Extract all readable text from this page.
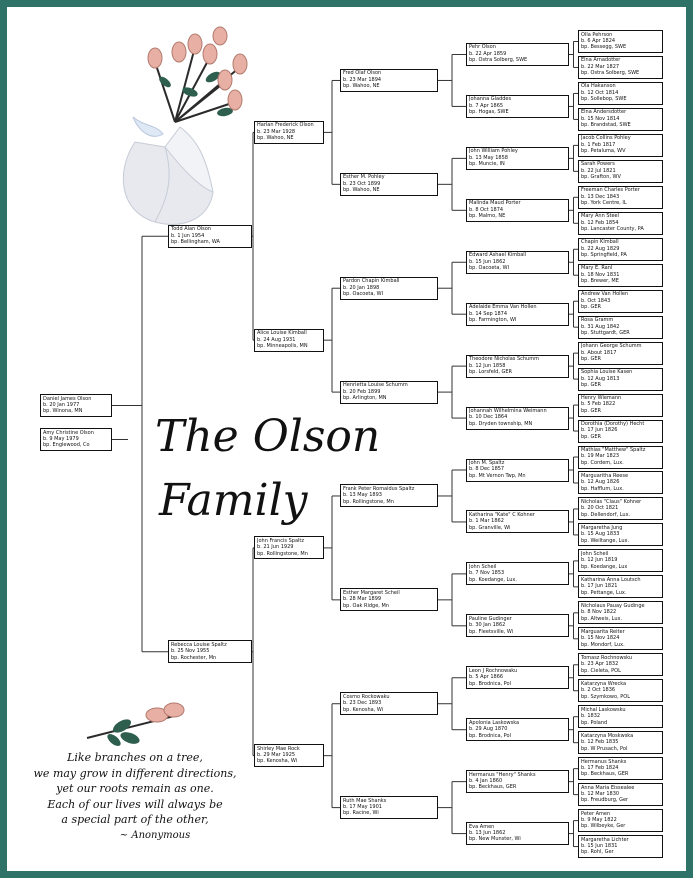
The Olson
Family
Like branches on a tree,
we may grow in different directions,
yet our roots remain as one.
Each of our lives will always be
a special part of the other,
~ Anonymous
Olla Pehrson
b. 6 Apr 1824
bp. Bessegg, SWE
Elna Arnadotter
b. 22 Mar 1827
bp. Ostra Solberg, SWE
Ola Hakanson
b. 12 Oct 1814
bp. Sollebop, SWE
Elna Andersdotter
b. 15 Nov 1814
bp. Brandstad, SWE
Jacob Collins Pohley
b. 1 Feb 1817
bp. Petaluma, WV
Sarah Powers
b. 22 Jul 1821
bp. Grafton, WV
Freeman Charles Porter
b. 13 Dec 1843
bp. York Centre, IL
Mary Ann Steel
b. 12 Feb 1854
bp. Lancaster County, PA
Chapin Kimball
b. 22 Aug 1829
bp. Springfield, PA
Mary E. Ranl
b. 18 Nov 1831
bp. Brewer, ME
Andrew Van Hollen
b. Oct 1843
bp. GER
Rosa Gramm
b. 31 Aug 1842
bp. Stuttgardt, GER
Johann George Schumm
b. About 1817
bp. GER
Sophia Louise Kasen
b. 12 Aug 1813
bp. GER
Henry Wiemann
b. 5 Feb 1822
bp. GER
Dorothia (Dorothy) Hecht
b. 17 Jun 1826
bp. GER
Mathias "Matthew" Spaltz
b. 19 Mar 1823
bp. Cordem, Lux.
Marguaritha Reese
b. 12 Aug 1826
bp. Hafflum, Lux.
Nicholas "Claus" Kohner
b. 20 Oct 1821
bp. Dellendorf, Lux.
Margaretha Jung
b. 15 Aug 1833
bp. Weiltange, Lux.
John Scheil
b. 12 Jun 1819
bp. Koedange, Lux
Katharina Anna Loutsch
b. 17 Jun 1821
bp. Pettange, Lux.
Nicholaus Pauay Gudinge
b. 8 Nov 1822
bp. Altweis, Lux.
Marguarita Reiter
b. 15 Nov 1824
bp. Mondorf, Lux.
Tomasz Rochnowsku
b. 23 Apr 1832
bp. Cieleta, POL
Katarzyna Wrecka
b. 2 Oct 1836
bp. Szymkowo, POL
Michal Laskowsku
b. 1832
bp. Poland
Katarzyna Moskwska
b. 12 Feb 1835
bp. W Prusach, Pol
Hermanus Shanks
b. 17 Feb 1824
bp. Beckhaus, GER
Anna Maria Eissealee
b. 12 Mar 1830
bp. Freudburg, Ger
Peter Amen
b. 9 May 1822
bp. Wilbeyke, Ger
Margaretha Lichter
b. 15 Jun 1831
bp. Rohl, Ger
Pehr Olson
b. 22 Apr 1859
bp. Ostra Solberg, SWE
Johanna Gladdes
b. 7 Apr 1865
bp. Hogas, SWE
John William Pohley
b. 13 May 1858
bp. Muncie, IN
Malinda Maud Porter
b. 8 Oct 1874
bp. Malmo, NE
Edward Ashael Kimball
b. 15 Jun 1862
bp. Oacoeta, WI
Adelaide Emma Van Hollen
b. 14 Sep 1874
bp. Farmington, WI
Theodore Nicholas Schumm
b. 12 Jun 1858
bp. Lorsfeld, GER
Johannah Wilhelmina Weimann
b. 10 Dec 1864
bp. Dryden township, MN
John M. Spaltz
b. 8 Dec 1857
bp. Mt Vernon Twp, Mn
Katharina "Kate" C Kohner
b. 1 Mar 1862
bp. Granville, Wi
John Scheil
b. 7 Nov 1853
bp. Koedange, Lux.
Pauline Gudinger
b. 30 Jan 1862
bp. Fleetsville, Wi
Leon J Rochnowaku
b. 5 Apr 1866
bp. Brodnica, Pol
Apolonia Laskowska
b. 29 Aug 1870
bp. Brodnica, Pol
Hermanus "Henry" Shanks
b. 4 Jan 1860
bp. Beckhaus, GER
Eva Amen
b. 13 Jun 1862
bp. New Munster, Wi
Fred Olaf Olson
b. 23 Mar 1894
bp. Wahoo, NE
Esther M. Pohley
b. 23 Oct 1899
bp. Wahoo, NE
Pardon Chapin Kimball
b. 20 Jan 1898
bp. Oacoeta, WI
Henrietta Louise Schumm
b. 20 Feb 1899
bp. Arlington, MN
Frank Peter Romaldus Spaltz
b. 13 May 1893
bp. Rollingstone, Mn
Esther Margaret Scheil
b. 28 Mar 1899
bp. Oak Ridge, Mn
Cosmo Rockowaku
b. 23 Dec 1893
bp. Kenosha, Wi
Ruth Mae Shanks
b. 17 May 1901
bp. Racine, Wi
Harlan Frederick Olson
b. 23 Mar 1928
bp. Wahoo, NE
Alice Louise Kimball
b. 24 Aug 1931
bp. Minneapolis, MN
John Francis Spaltz
b. 21 Jun 1929
bp. Rollingstone, Mn
Shirley Mae Rock
b. 29 Mar 1925
bp. Kenosha, Wi
Todd Alan Olson
b. 1 Jun 1954
bp. Bellingham, WA
Rebecca Louise Spaltz
b. 25 Nov 1955
bp. Rochester, Mn
Daniel James Olson
b. 20 Jan 1977
bp. Winona, MN
Amy Christine Olson
b. 9 May 1979
bp. Englewood, Co
